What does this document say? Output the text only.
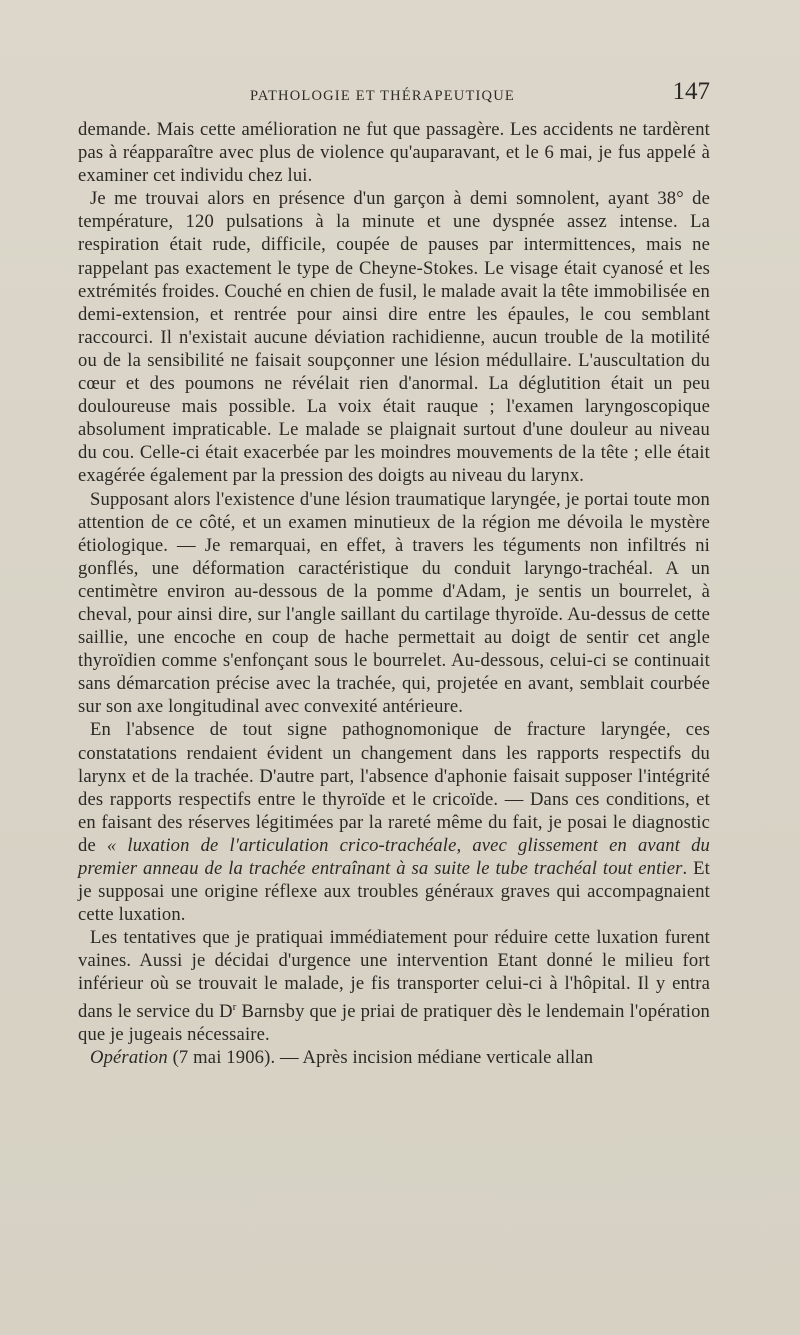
PATHOLOGIE ET THÉRAPEUTIQUE	147

demande. Mais cette amélioration ne fut que passagère. Les accidents ne tardèrent pas à réapparaître avec plus de violence qu'auparavant, et le 6 mai, je fus appelé à examiner cet individu chez lui.

Je me trouvai alors en présence d'un garçon à demi somnolent, ayant 38° de température, 120 pulsations à la minute et une dyspnée assez intense. La respiration était rude, difficile, coupée de pauses par intermittences, mais ne rappelant pas exactement le type de Cheyne-Stokes. Le visage était cyanosé et les extrémités froides. Couché en chien de fusil, le malade avait la tête immobilisée en demi-extension, et rentrée pour ainsi dire entre les épaules, le cou semblant raccourci. Il n'existait aucune déviation rachidienne, aucun trouble de la motilité ou de la sensibilité ne faisait soupçonner une lésion médullaire. L'auscultation du cœur et des poumons ne révélait rien d'anormal. La déglutition était un peu douloureuse mais possible. La voix était rauque ; l'examen laryngoscopique absolument impraticable. Le malade se plaignait surtout d'une douleur au niveau du cou. Celle-ci était exacerbée par les moindres mouvements de la tête ; elle était exagérée également par la pression des doigts au niveau du larynx.

Supposant alors l'existence d'une lésion traumatique laryngée, je portai toute mon attention de ce côté, et un examen minutieux de la région me dévoila le mystère étiologique. — Je remarquai, en effet, à travers les téguments non infiltrés ni gonflés, une déformation caractéristique du conduit laryngo-trachéal. A un centimètre environ au-dessous de la pomme d'Adam, je sentis un bourrelet, à cheval, pour ainsi dire, sur l'angle saillant du cartilage thyroïde. Au-dessus de cette saillie, une encoche en coup de hache permettait au doigt de sentir cet angle thyroïdien comme s'enfonçant sous le bourrelet. Au-dessous, celui-ci se continuait sans démarcation précise avec la trachée, qui, projetée en avant, semblait courbée sur son axe longitudinal avec convexité antérieure.

En l'absence de tout signe pathognomonique de fracture laryngée, ces constatations rendaient évident un changement dans les rapports respectifs du larynx et de la trachée. D'autre part, l'absence d'aphonie faisait supposer l'intégrité des rapports respectifs entre le thyroïde et le cricoïde. — Dans ces conditions, et en faisant des réserves légitimées par la rareté même du fait, je posai le diagnostic de « luxation de l'articulation crico-trachéale, avec glissement en avant du premier anneau de la trachée entraînant à sa suite le tube trachéal tout entier. Et je supposai une origine réflexe aux troubles généraux graves qui accompagnaient cette luxation.

Les tentatives que je pratiquai immédiatement pour réduire cette luxation furent vaines. Aussi je décidai d'urgence une intervention Etant donné le milieu fort inférieur où se trouvait le malade, je fis transporter celui-ci à l'hôpital. Il y entra dans le service du $D^r$ Barnsby que je priai de pratiquer dès le lendemain l'opération que je jugeais nécessaire.

Opération (7 mai 1906). — Après incision médiane verticale allan
